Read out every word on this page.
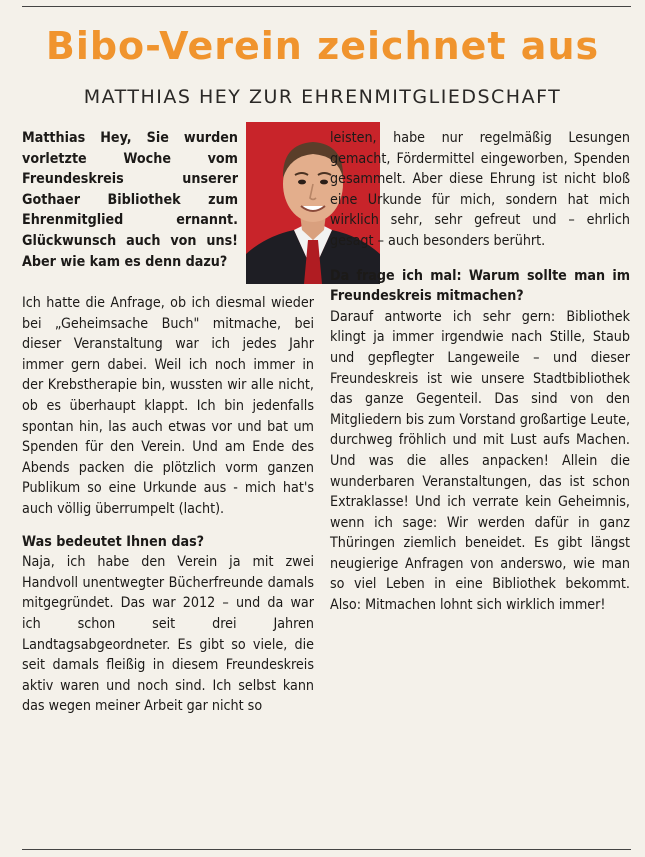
Bibo-Verein zeichnet aus
MATTHIAS HEY ZUR EHRENMITGLIEDSCHAFT

Matthias Hey, Sie wurden vorletzte Woche vom Freundeskreis unserer Gothaer Bibliothek zum Ehrenmitglied ernannt. Glückwunsch auch von uns! Aber wie kam es denn dazu?

Ich hatte die Anfrage, ob ich diesmal wieder bei „Geheimsache Buch" mitmache, bei dieser Veranstaltung war ich jedes Jahr immer gern dabei. Weil ich noch immer in der Krebstherapie bin, wussten wir alle nicht, ob es überhaupt klappt. Ich bin jedenfalls spontan hin, las auch etwas vor und bat um Spenden für den Verein. Und am Ende des Abends packen die plötzlich vorm ganzen Publikum so eine Urkunde aus - mich hat's auch völlig überrumpelt (lacht).

Was bedeutet Ihnen das?

Naja, ich habe den Verein ja mit zwei Handvoll unentwegter Bücherfreunde damals mitgegründet. Das war 2012 – und da war ich schon seit drei Jahren Landtagsabgeordneter. Es gibt so viele, die seit damals fleißig in diesem Freundeskreis aktiv waren und noch sind. Ich selbst kann das wegen meiner Arbeit gar nicht so

leisten, habe nur regelmäßig Lesungen gemacht, Fördermittel eingeworben, Spenden gesammelt. Aber diese Ehrung ist nicht bloß eine Urkunde für mich, sondern hat mich wirklich sehr, sehr gefreut und – ehrlich gesagt – auch besonders berührt.

Da frage ich mal: Warum sollte man im Freundeskreis mitmachen?

Darauf antworte ich sehr gern: Bibliothek klingt ja immer irgendwie nach Stille, Staub und gepflegter Langeweile – und dieser Freundeskreis ist wie unsere Stadtbibliothek das ganze Gegenteil. Das sind von den Mitgliedern bis zum Vorstand großartige Leute, durchweg fröhlich und mit Lust aufs Machen. Und was die alles anpacken! Allein die wunderbaren Veranstaltungen, das ist schon Extraklasse! Und ich verrate kein Geheimnis, wenn ich sage: Wir werden dafür in ganz Thüringen ziemlich beneidet. Es gibt längst neugierige Anfragen von anderswo, wie man so viel Leben in eine Bibliothek bekommt. Also: Mitmachen lohnt sich wirklich immer!
